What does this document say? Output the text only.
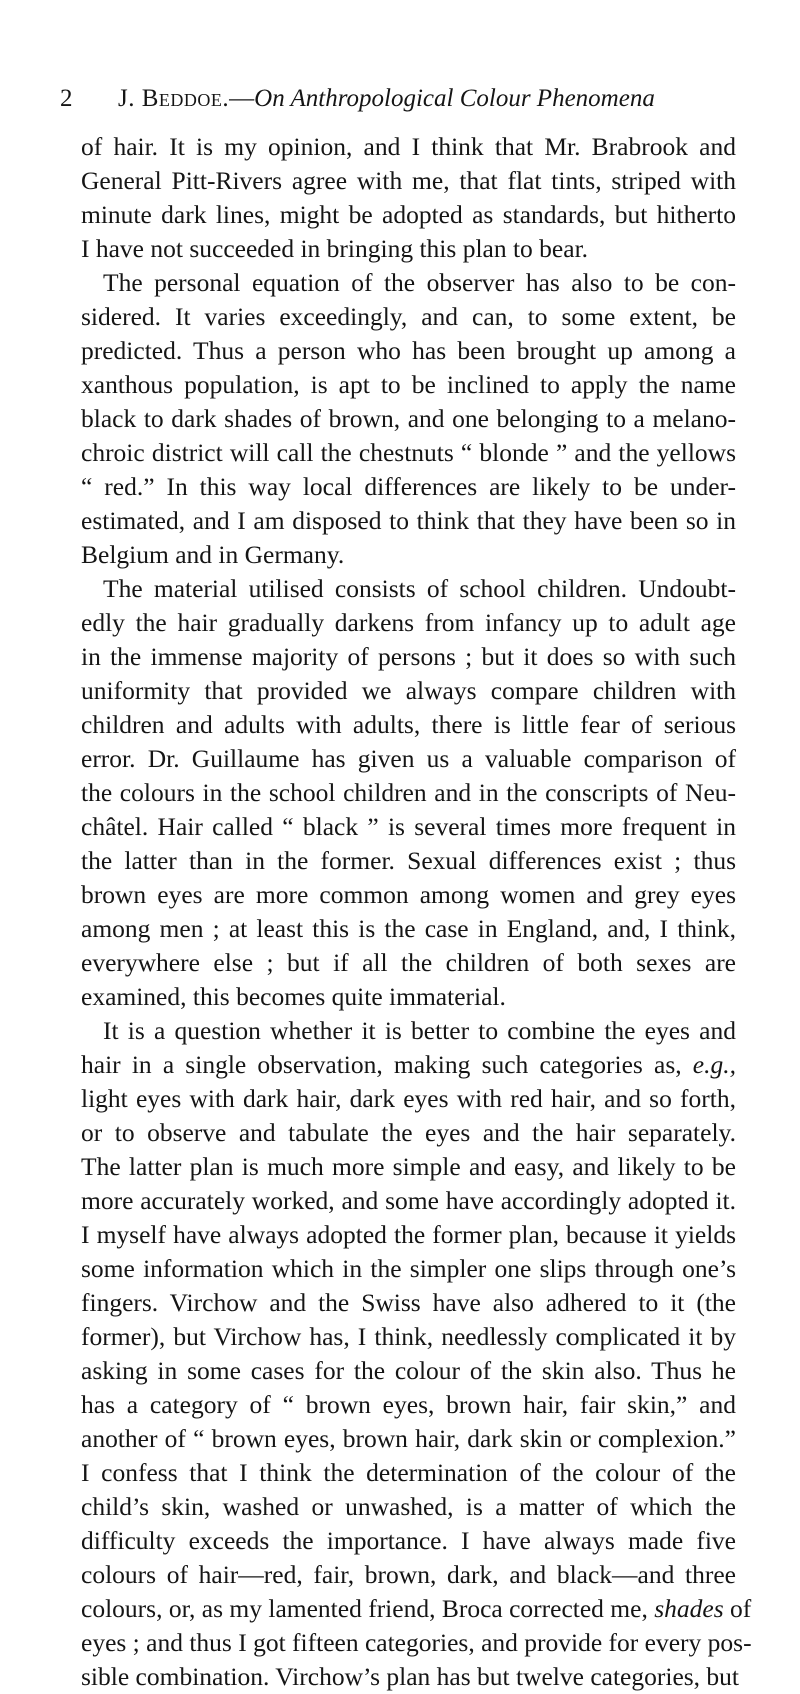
2 J. Beddoe.—On Anthropological Colour Phenomena
of hair. It is my opinion, and I think that Mr. Brabrook and
General Pitt-Rivers agree with me, that flat tints, striped with
minute dark lines, might be adopted as standards, but hitherto
I have not succeeded in bringing this plan to bear.
The personal equation of the observer has also to be con-
sidered. It varies exceedingly, and can, to some extent, be
predicted. Thus a person who has been brought up among a
xanthous population, is apt to be inclined to apply the name
black to dark shades of brown, and one belonging to a melano-
chroic district will call the chestnuts “ blonde ” and the yellows
“ red.” In this way local differences are likely to be under-
estimated, and I am disposed to think that they have been so in
Belgium and in Germany.
The material utilised consists of school children. Undoubt-
edly the hair gradually darkens from infancy up to adult age
in the immense majority of persons ; but it does so with such
uniformity that provided we always compare children with
children and adults with adults, there is little fear of serious
error. Dr. Guillaume has given us a valuable comparison of
the colours in the school children and in the conscripts of Neu-
châtel. Hair called “ black ” is several times more frequent in
the latter than in the former. Sexual differences exist ; thus
brown eyes are more common among women and grey eyes
among men ; at least this is the case in England, and, I think,
everywhere else ; but if all the children of both sexes are
examined, this becomes quite immaterial.
It is a question whether it is better to combine the eyes and
hair in a single observation, making such categories as, e.g.,
light eyes with dark hair, dark eyes with red hair, and so forth,
or to observe and tabulate the eyes and the hair separately.
The latter plan is much more simple and easy, and likely to be
more accurately worked, and some have accordingly adopted it.
I myself have always adopted the former plan, because it yields
some information which in the simpler one slips through one’s
fingers. Virchow and the Swiss have also adhered to it (the
former), but Virchow has, I think, needlessly complicated it by
asking in some cases for the colour of the skin also. Thus he
has a category of “ brown eyes, brown hair, fair skin,” and
another of “ brown eyes, brown hair, dark skin or complexion.”
I confess that I think the determination of the colour of the
child’s skin, washed or unwashed, is a matter of which the
difficulty exceeds the importance. I have always made five
colours of hair—red, fair, brown, dark, and black—and three
colours, or, as my lamented friend, Broca corrected me, shades of
eyes ; and thus I got fifteen categories, and provide for every pos-
sible combination. Virchow’s plan has but twelve categories, but
